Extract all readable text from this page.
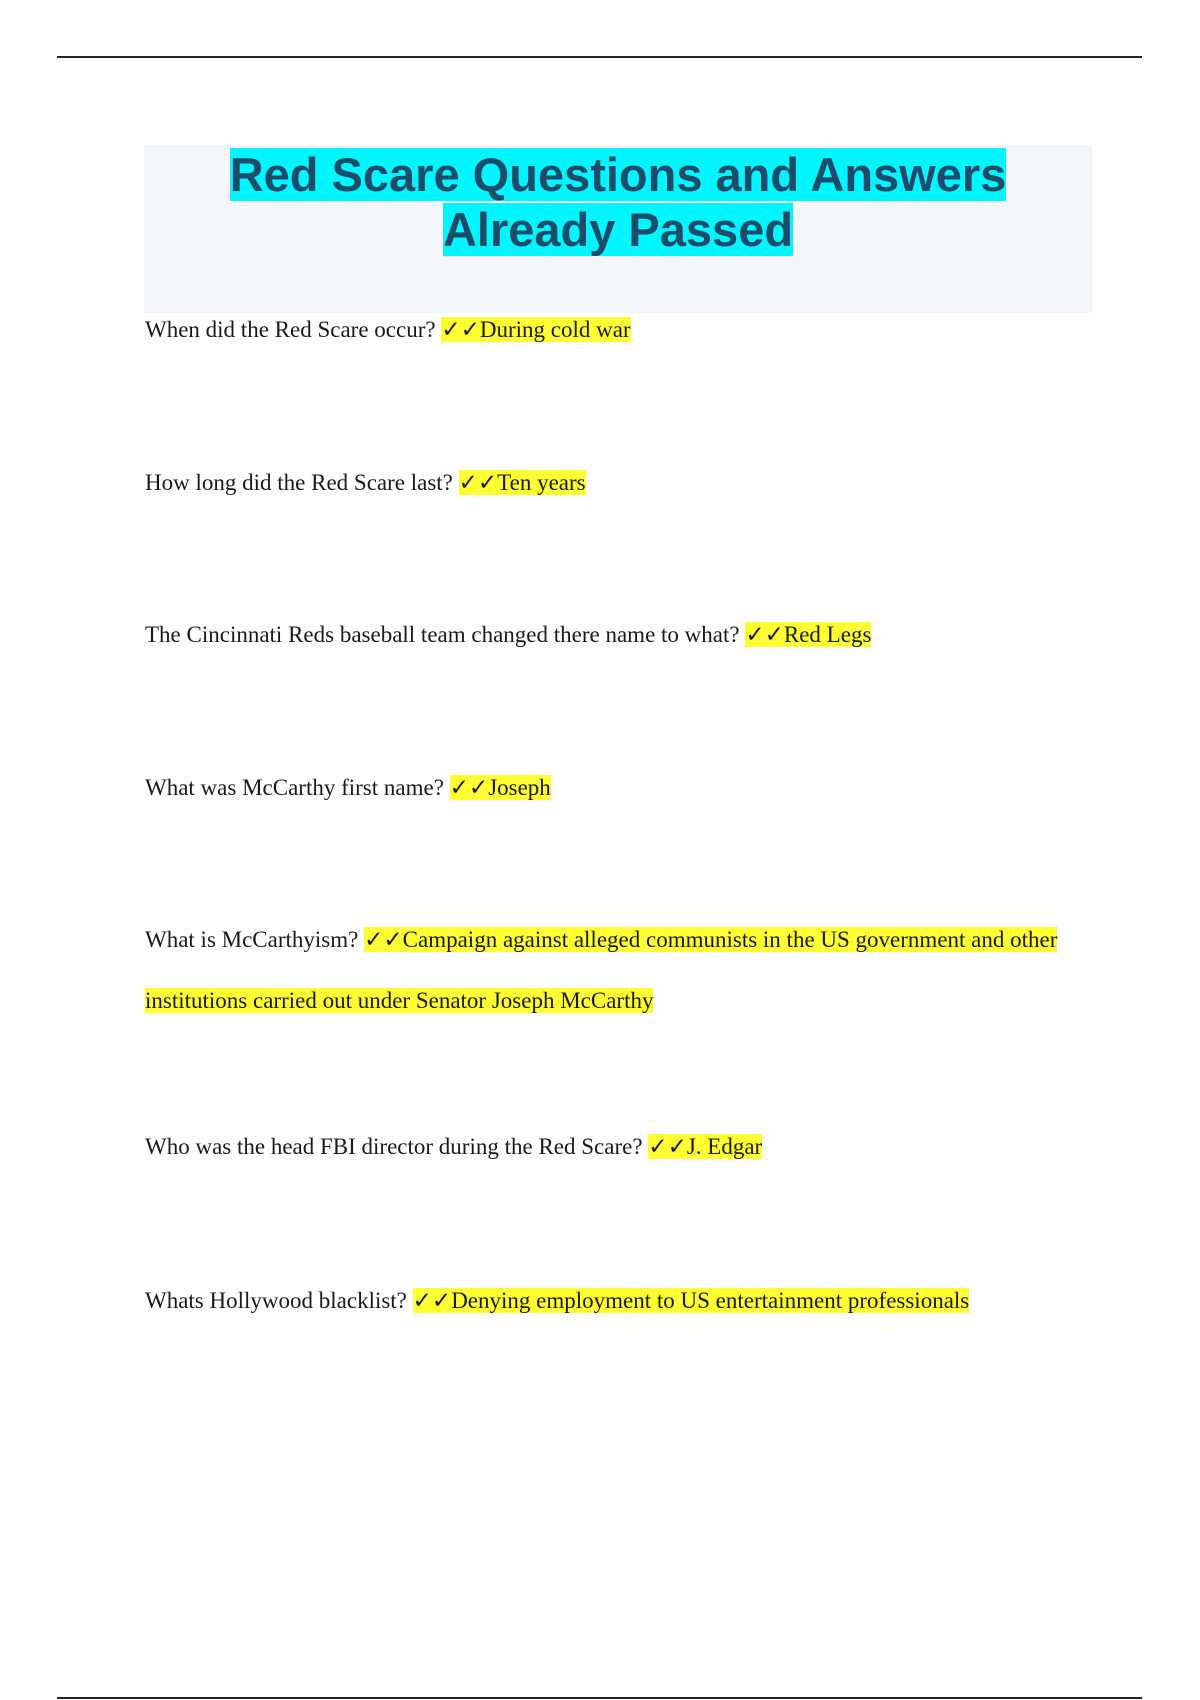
Red Scare Questions and Answers
Already Passed

When did the Red Scare occur? ✓✓During cold war

How long did the Red Scare last? ✓✓Ten years

The Cincinnati Reds baseball team changed there name to what? ✓✓Red Legs

What was McCarthy first name? ✓✓Joseph

What is McCarthyism? ✓✓Campaign against alleged communists in the US government and other institutions carried out under Senator Joseph McCarthy

Who was the head FBI director during the Red Scare? ✓✓J. Edgar

Whats Hollywood blacklist? ✓✓Denying employment to US entertainment professionals
